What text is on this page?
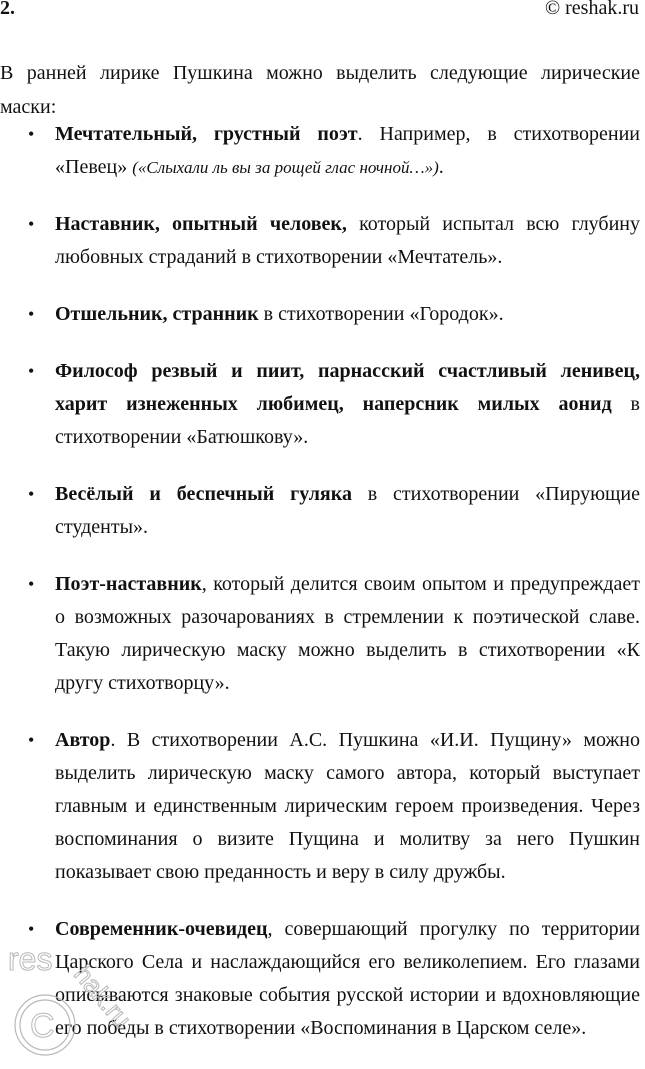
2.	© reshak.ru

В ранней лирике Пушкина можно выделить следующие лирические маски:

• Мечтательный, грустный поэт. Например, в стихотворении «Певец» («Слыхали ль вы за рощей глас ночной…»).
• Наставник, опытный человек, который испытал всю глубину любовных страданий в стихотворении «Мечтатель».
• Отшельник, странник в стихотворении «Городок».
• Философ резвый и пиит, парнасский счастливый ленивец, харит изнеженных любимец, наперсник милых аонид в стихотворении «Батюшкову».
• Весёлый и беспечный гуляка в стихотворении «Пирующие студенты».
• Поэт-наставник, который делится своим опытом и предупреждает о возможных разочарованиях в стремлении к поэтической славе. Такую лирическую маску можно выделить в стихотворении «К другу стихотворцу».
• Автор. В стихотворении А.С. Пушкина «И.И. Пущину» можно выделить лирическую маску самого автора, который выступает главным и единственным лирическим героем произведения. Через воспоминания о визите Пущина и молитву за него Пушкин показывает свою преданность и веру в силу дружбы.
• Современник-очевидец, совершающий прогулку по территории Царского Села и наслаждающийся его великолепием. Его глазами описываются знаковые события русской истории и вдохновляющие его победы в стихотворении «Воспоминания в Царском селе».
res
hak.ru
C
